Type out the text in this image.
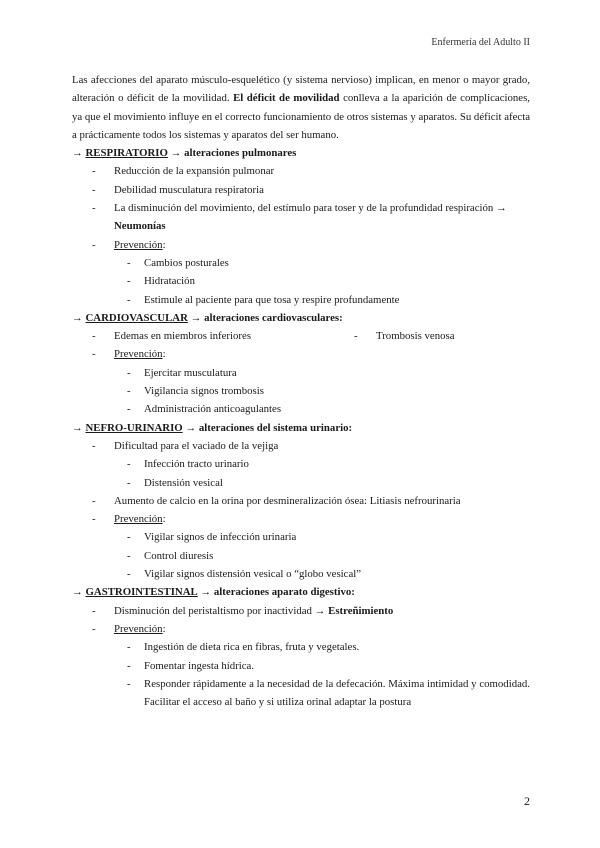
Enfermería del Adulto II

Las afecciones del aparato músculo-esquelético (y sistema nervioso) implican, en menor o mayor grado, alteración o déficit de la movilidad. El déficit de movilidad conlleva a la aparición de complicaciones, ya que el movimiento influye en el correcto funcionamiento de otros sistemas y aparatos. Su déficit afecta a prácticamente todos los sistemas y aparatos del ser humano.

→ RESPIRATORIO → alteraciones pulmonares
- Reducción de la expansión pulmonar
- Debilidad musculatura respiratoria
- La disminución del movimiento, del estímulo para toser y de la profundidad respiración →
Neumonías
- Prevención:
- Cambios posturales
- Hidratación
- Estimule al paciente para que tosa y respire profundamente
→ CARDIOVASCULAR → alteraciones cardiovasculares:
- Edemas en miembros inferiores
-	Trombosis venosa
- Prevención:
- Ejercitar musculatura
- Vigilancia signos trombosis
- Administración anticoagulantes
→ NEFRO-URINARIO → alteraciones del sistema urinario:
- Dificultad para el vaciado de la vejiga
- Infección tracto urinario
- Distensión vesical
- Aumento de calcio en la orina por desmineralización ósea: Litiasis nefrourinaria
- Prevención:
- Vigilar signos de infección urinaria
- Control diuresis
- Vigilar signos distensión vesical o “globo vesical”
→ GASTROINTESTINAL → alteraciones aparato digestivo:
- Disminución del peristaltismo por inactividad → Estreñimiento
- Prevención:
- Ingestión de dieta rica en fibras, fruta y vegetales.
- Fomentar ingesta hídrica.
- Responder rápidamente a la necesidad de la defecación. Máxima intimidad y comodidad. Facilitar el acceso al baño y si utiliza orinal adaptar la postura
2
